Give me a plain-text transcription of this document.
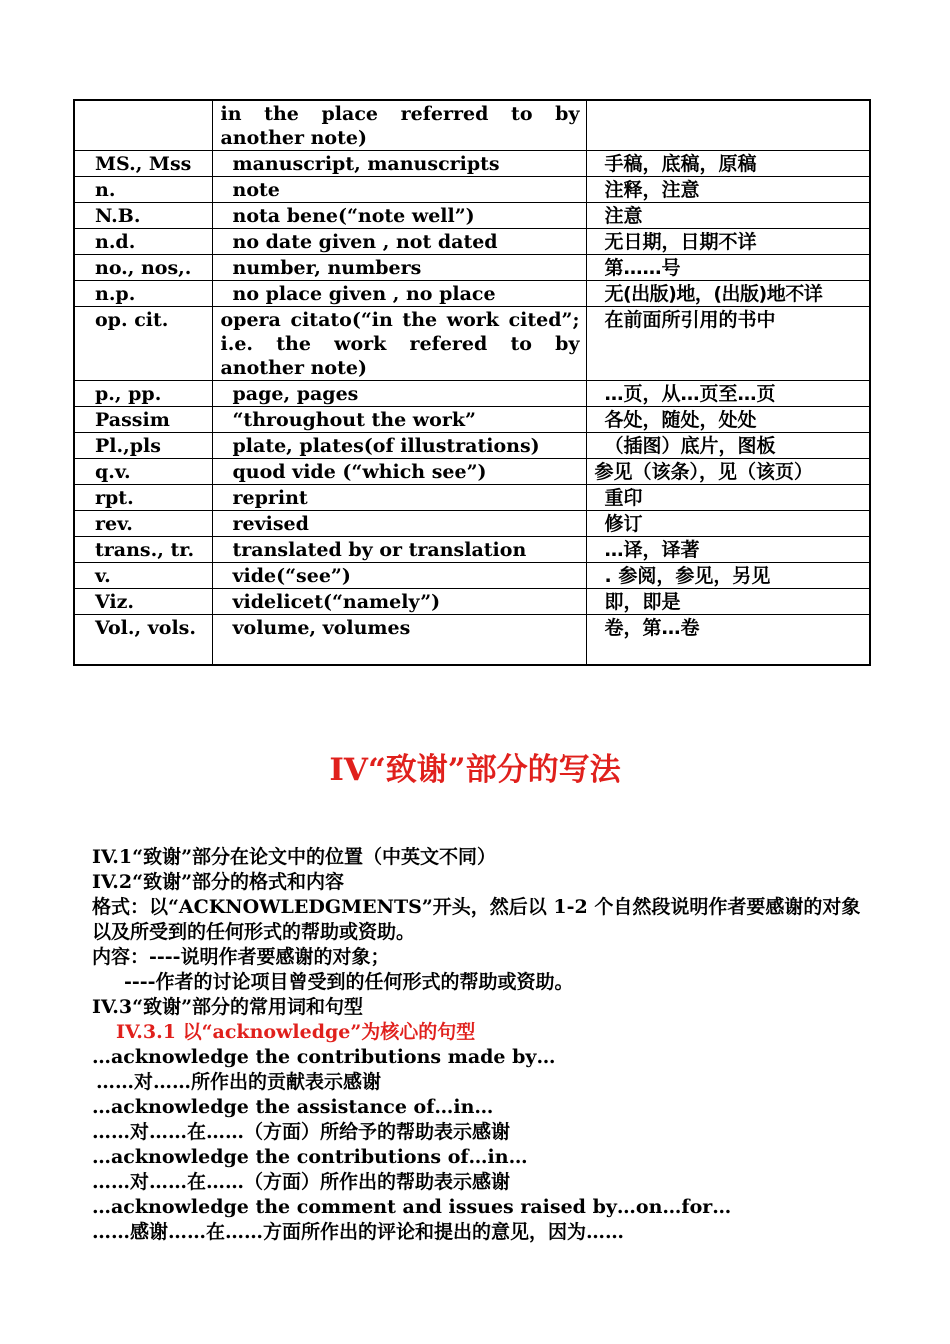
	in the place referred to by another note)	
MS., Mss	manuscript, manuscripts	手稿，底稿，原稿
n.	note	注释，注意
N.B.	nota bene(“note well”)	注意
n.d.	no date given , not dated	无日期，日期不详
no., nos,.	number, numbers	第……号
n.p.	no place given , no place	无(出版)地，(出版)地不详
op. cit.	opera citato(“in the work cited”; i.e. the work refered to by another note)	在前面所引用的书中
p., pp.	page, pages	…页，从…页至…页
Passim	“throughout the work”	各处，随处，处处
Pl.,pls	plate, plates(of illustrations)	（插图）底片，图板
q.v.	quod vide (“which see”)	参见（该条），见（该页）
rpt.	reprint	重印
rev.	revised	修订
trans., tr.	translated by or translation	…译，译著
v.	vide(“see”)	. 参阅，参见，另见
Viz.	videlicet(“namely”)	即，即是
Vol., vols.	volume, volumes	卷，第…卷
IV“致谢”部分的写法
IV.1“致谢”部分在论文中的位置（中英文不同）
IV.2“致谢”部分的格式和内容
格式：以“ACKNOWLEDGMENTS”开头，然后以 1-2 个自然段说明作者要感谢的对象以及所受到的任何形式的帮助或资助。
内容：----说明作者要感谢的对象；
----作者的讨论项目曾受到的任何形式的帮助或资助。
IV.3“致谢”部分的常用词和句型
IV.3.1 以“acknowledge”为核心的句型
…acknowledge the contributions made by…
……对……所作出的贡献表示感谢
…acknowledge the assistance of…in…
……对……在……（方面）所给予的帮助表示感谢
…acknowledge the contributions of…in…
……对……在……（方面）所作出的帮助表示感谢
…acknowledge the comment and issues raised by…on…for…
……感谢……在……方面所作出的评论和提出的意见，因为……
